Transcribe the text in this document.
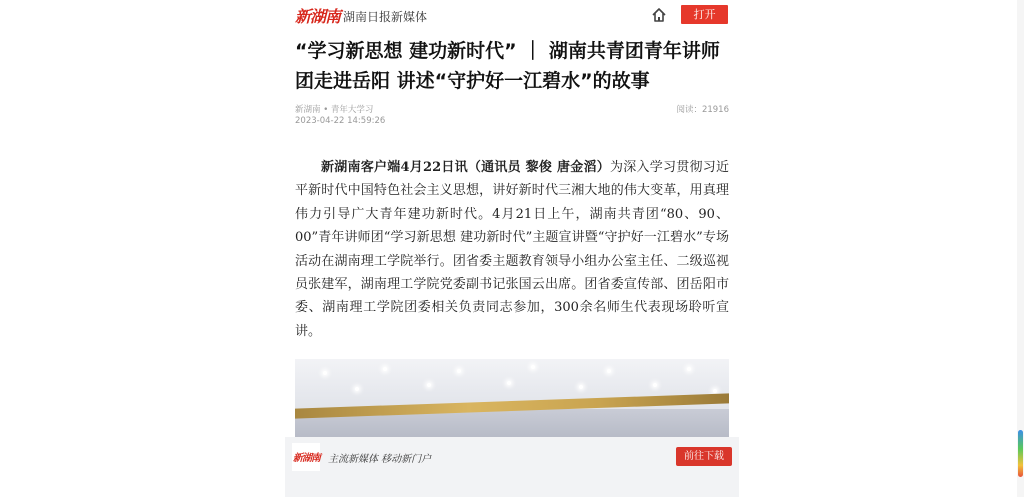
新湖南 湖南日报新媒体	打开
“学习新思想 建功新时代” ｜ 湖南共青团青年讲师团走进岳阳 讲述“守护好一江碧水”的故事
新湖南 • 青年大学习
2023-04-22 14:59:26
阅读：21916

新湖南客户端4月22日讯（通讯员 黎俊 唐金滔）为深入学习贯彻习近平新时代中国特色社会主义思想，讲好新时代三湘大地的伟大变革，用真理伟力引导广大青年建功新时代。4月21日上午，湖南共青团“80、90、00”青年讲师团“学习新思想 建功新时代”主题宣讲暨“守护好一江碧水”专场活动在湖南理工学院举行。团省委主题教育领导小组办公室主任、二级巡视员张建军，湖南理工学院党委副书记张国云出席。团省委宣传部、团岳阳市委、湖南理工学院团委相关负责同志参加，300余名师生代表现场聆听宣讲。

新湖南 主流新媒体 移动新门户	前往下载
